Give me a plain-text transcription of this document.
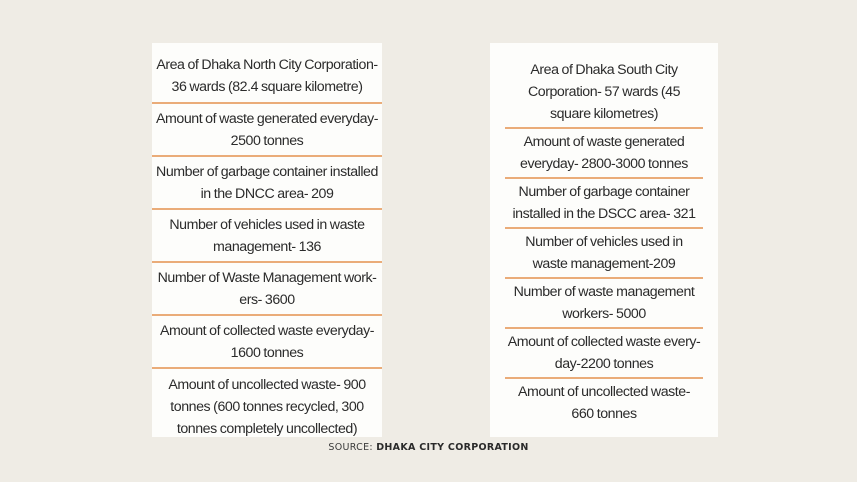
Area of Dhaka North City Corporation- 36 wards (82.4 square kilometre)
Amount of waste generated everyday- 2500 tonnes
Number of garbage container installed in the DNCC area- 209
Number of vehicles used in waste management- 136
Number of Waste Management work-ers- 3600
Amount of collected waste everyday- 1600 tonnes
Amount of uncollected waste- 900 tonnes (600 tonnes recycled, 300 tonnes completely uncollected)
Area of Dhaka South City Corporation- 57 wards (45 square kilometres)
Amount of waste generated everyday- 2800-3000 tonnes
Number of garbage container installed in the DSCC area- 321
Number of vehicles used in waste management-209
Number of waste management workers- 5000
Amount of collected waste every-day-2200 tonnes
Amount of uncollected waste- 660 tonnes
SOURCE: DHAKA CITY CORPORATION
